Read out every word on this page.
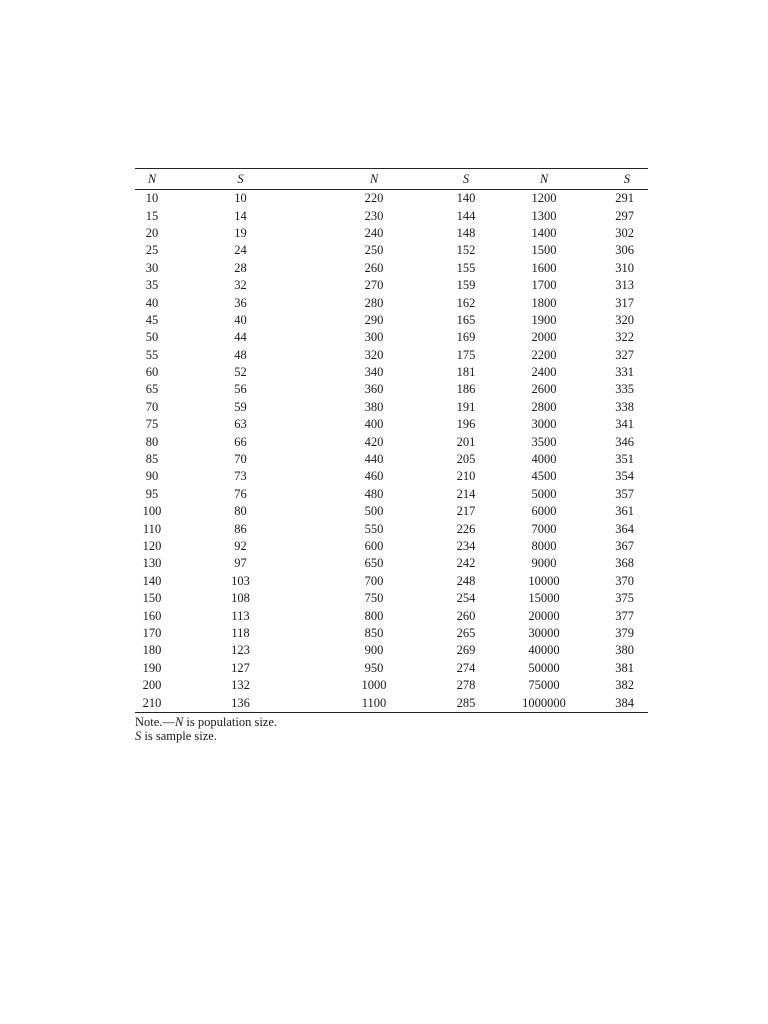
N	S	N	S	N	S
10	10	220	140	1200	291
15	14	230	144	1300	297
20	19	240	148	1400	302
25	24	250	152	1500	306
30	28	260	155	1600	310
35	32	270	159	1700	313
40	36	280	162	1800	317
45	40	290	165	1900	320
50	44	300	169	2000	322
55	48	320	175	2200	327
60	52	340	181	2400	331
65	56	360	186	2600	335
70	59	380	191	2800	338
75	63	400	196	3000	341
80	66	420	201	3500	346
85	70	440	205	4000	351
90	73	460	210	4500	354
95	76	480	214	5000	357
100	80	500	217	6000	361
110	86	550	226	7000	364
120	92	600	234	8000	367
130	97	650	242	9000	368
140	103	700	248	10000	370
150	108	750	254	15000	375
160	113	800	260	20000	377
170	118	850	265	30000	379
180	123	900	269	40000	380
190	127	950	274	50000	381
200	132	1000	278	75000	382
210	136	1100	285	1000000	384
Note.—N is population size.
S is sample size.
